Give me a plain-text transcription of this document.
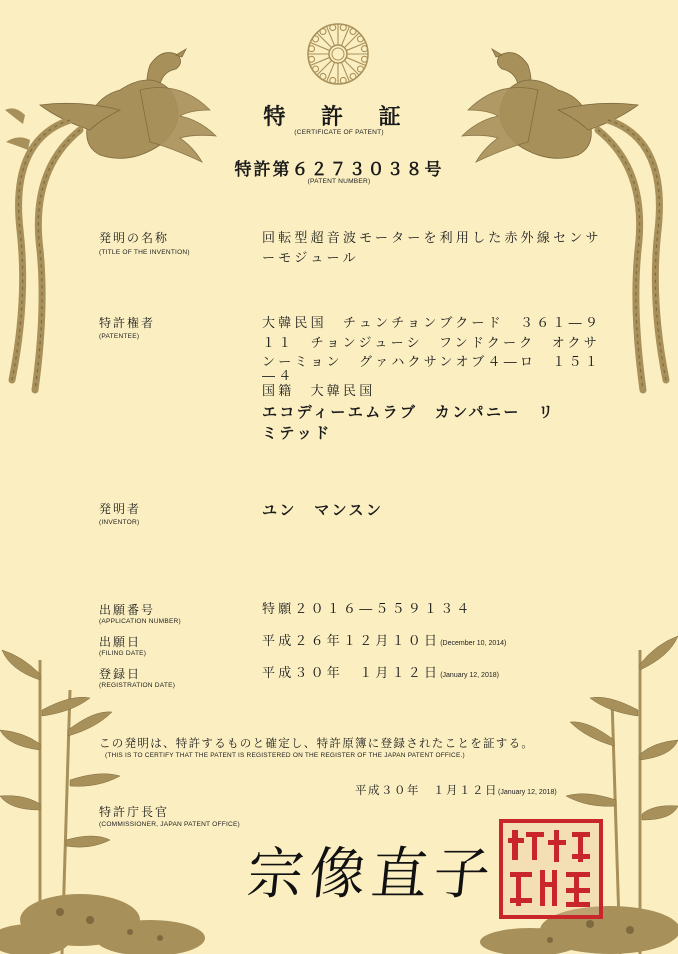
特 許 証
(CERTIFICATE OF PATENT)
特許第６２７３０３８号
(PATENT NUMBER)
発明の名称
(TITLE OF THE INVENTION)
回転型超音波モーターを利用した赤外線センサ
ーモジュール
特許権者
(PATENTEE)
大韓民国　チュンチョンブクード　３６１―９
１１　チョンジューシ　フンドクーク　オクサ
ンーミョン　グァハクサンオブ４―ロ　１５１
―４
国籍　大韓民国
エコディーエムラブ　カンパニー　リ
ミテッド
発明者
(INVENTOR)
ユン　マンスン
出願番号
(APPLICATION NUMBER)
特願２０１６―５５９１３４
出願日
(FILING DATE)
平成２６年１２月１０日(December 10, 2014)
登録日
(REGISTRATION DATE)
平成３０年　１月１２日(January 12, 2018)
この発明は、特許するものと確定し、特許原簿に登録されたことを証する。
(THIS IS TO CERTIFY THAT THE PATENT IS REGISTERED ON THE REGISTER OF THE JAPAN PATENT OFFICE.)
平成３０年　１月１２日(January 12, 2018)
特許庁長官
(COMMISSIONER, JAPAN PATENT OFFICE)
宗像直子
